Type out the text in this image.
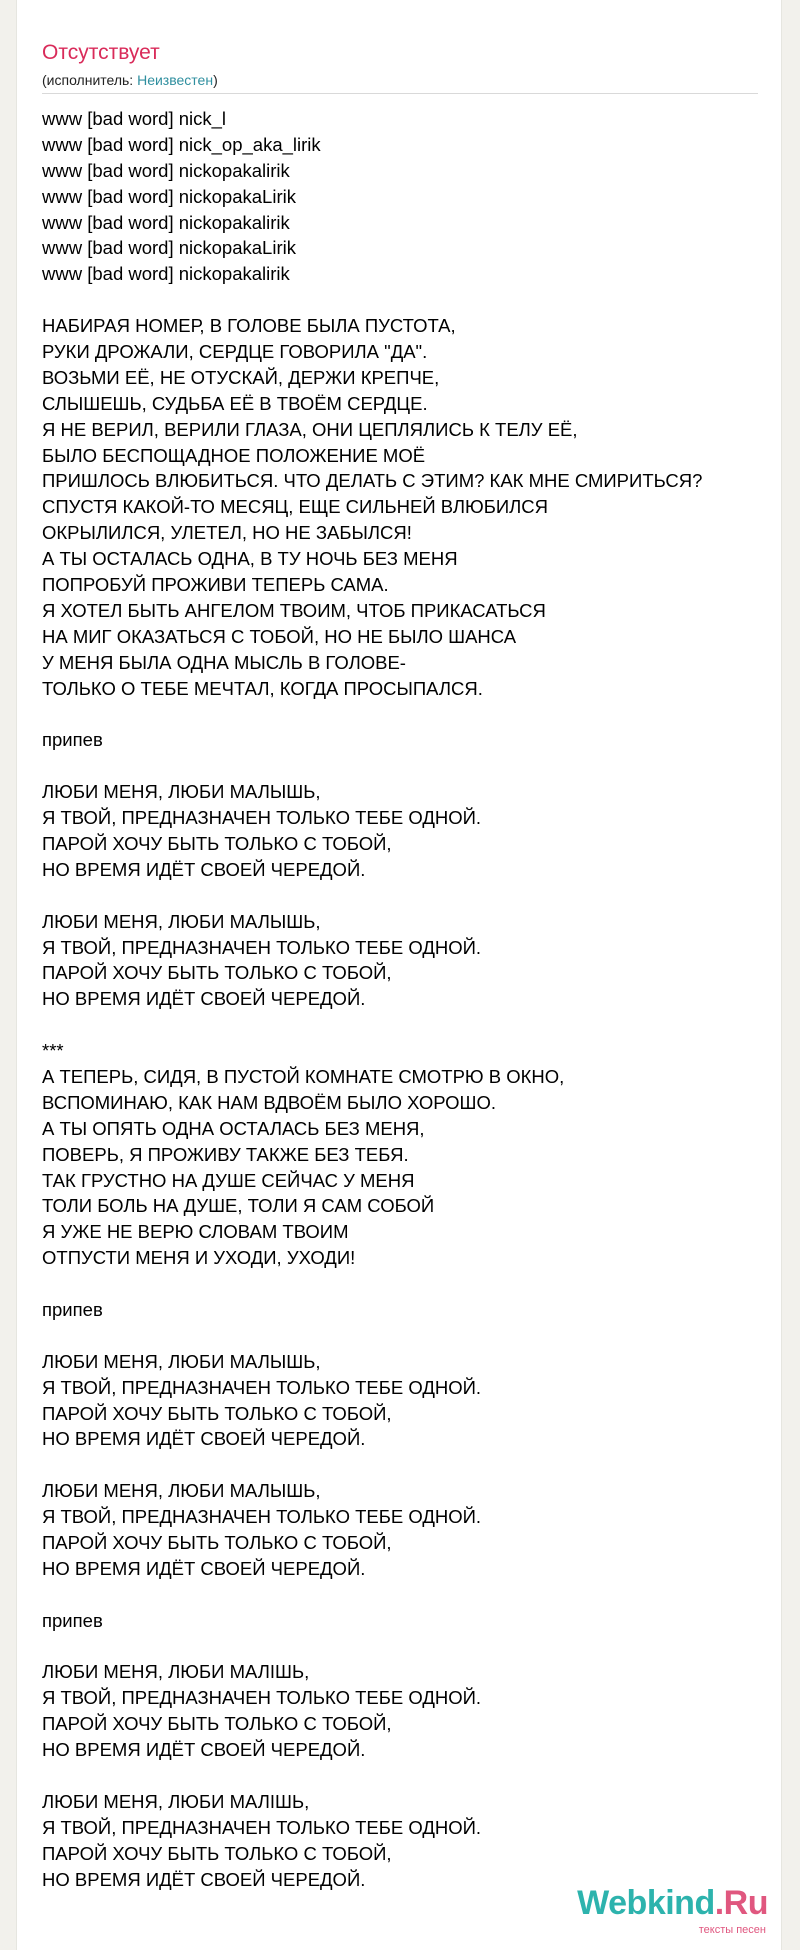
Отсутствует
(исполнитель: Неизвестен)
www [bad word] nick_l
www [bad word] nick_op_aka_lirik
www [bad word] nickopakalirik
www [bad word] nickopakaLirik
www [bad word] nickopakalirik
www [bad word] nickopakaLirik
www [bad word] nickopakalirik
НАБИРАЯ НОМЕР, В ГОЛОВЕ БЫЛА ПУСТОТА,
РУКИ ДРОЖАЛИ, СЕРДЦЕ ГОВОРИЛА "ДА".
ВОЗЬМИ ЕЁ, НЕ ОТУСКАЙ, ДЕРЖИ КРЕПЧЕ,
СЛЫШЕШЬ, СУДЬБА ЕЁ В ТВОЁМ СЕРДЦЕ.
Я НЕ ВЕРИЛ, ВЕРИЛИ ГЛАЗА, ОНИ ЦЕПЛЯЛИСЬ К ТЕЛУ ЕЁ,
БЫЛО БЕСПОЩАДНОЕ ПОЛОЖЕНИЕ МОЁ
ПРИШЛОСЬ ВЛЮБИТЬСЯ. ЧТО ДЕЛАТЬ С ЭТИМ? КАК МНЕ СМИРИТЬСЯ?
СПУСТЯ КАКОЙ-ТО МЕСЯЦ, ЕЩЕ СИЛЬНЕЙ ВЛЮБИЛСЯ
ОКРЫЛИЛСЯ, УЛЕТЕЛ, НО НЕ ЗАБЫЛСЯ!
А ТЫ ОСТАЛАСЬ ОДНА, В ТУ НОЧЬ БЕЗ МЕНЯ
ПОПРОБУЙ ПРОЖИВИ ТЕПЕРЬ САМА.
Я ХОТЕЛ БЫТЬ АНГЕЛОМ ТВОИМ, ЧТОБ ПРИКАСАТЬСЯ
НА МИГ ОКАЗАТЬСЯ С ТОБОЙ, НО НЕ БЫЛО ШАНСА
У МЕНЯ БЫЛА ОДНА МЫСЛЬ В ГОЛОВЕ-
ТОЛЬКО О ТЕБЕ МЕЧТАЛ, КОГДА ПРОСЫПАЛСЯ.
припев
ЛЮБИ МЕНЯ, ЛЮБИ МАЛЫШЬ,
Я ТВОЙ, ПРЕДНАЗНАЧЕН ТОЛЬКО ТЕБЕ ОДНОЙ.
ПАРОЙ ХОЧУ БЫТЬ ТОЛЬКО С ТОБОЙ,
НО ВРЕМЯ ИДЁТ СВОЕЙ ЧЕРЕДОЙ.
ЛЮБИ МЕНЯ, ЛЮБИ МАЛЫШЬ,
Я ТВОЙ, ПРЕДНАЗНАЧЕН ТОЛЬКО ТЕБЕ ОДНОЙ.
ПАРОЙ ХОЧУ БЫТЬ ТОЛЬКО С ТОБОЙ,
НО ВРЕМЯ ИДЁТ СВОЕЙ ЧЕРЕДОЙ.
***
А ТЕПЕРЬ, СИДЯ, В ПУСТОЙ КОМНАТЕ СМОТРЮ В ОКНО,
ВСПОМИНАЮ, КАК НАМ ВДВОЁМ БЫЛО ХОРОШО.
А ТЫ ОПЯТЬ ОДНА ОСТАЛАСЬ БЕЗ МЕНЯ,
ПОВЕРЬ, Я ПРОЖИВУ ТАКЖЕ БЕЗ ТЕБЯ.
ТАК ГРУСТНО НА ДУШЕ СЕЙЧАС У МЕНЯ
ТОЛИ БОЛЬ НА ДУШЕ, ТОЛИ Я САМ СОБОЙ
Я УЖЕ НЕ ВЕРЮ СЛОВАМ ТВОИМ
ОТПУСТИ МЕНЯ И УХОДИ, УХОДИ!
припев
ЛЮБИ МЕНЯ, ЛЮБИ МАЛЫШЬ,
Я ТВОЙ, ПРЕДНАЗНАЧЕН ТОЛЬКО ТЕБЕ ОДНОЙ.
ПАРОЙ ХОЧУ БЫТЬ ТОЛЬКО С ТОБОЙ,
НО ВРЕМЯ ИДЁТ СВОЕЙ ЧЕРЕДОЙ.
ЛЮБИ МЕНЯ, ЛЮБИ МАЛЫШЬ,
Я ТВОЙ, ПРЕДНАЗНАЧЕН ТОЛЬКО ТЕБЕ ОДНОЙ.
ПАРОЙ ХОЧУ БЫТЬ ТОЛЬКО С ТОБОЙ,
НО ВРЕМЯ ИДЁТ СВОЕЙ ЧЕРЕДОЙ.
припев
ЛЮБИ МЕНЯ, ЛЮБИ МАЛІШЬ,
Я ТВОЙ, ПРЕДНАЗНАЧЕН ТОЛЬКО ТЕБЕ ОДНОЙ.
ПАРОЙ ХОЧУ БЫТЬ ТОЛЬКО С ТОБОЙ,
НО ВРЕМЯ ИДЁТ СВОЕЙ ЧЕРЕДОЙ.
ЛЮБИ МЕНЯ, ЛЮБИ МАЛІШЬ,
Я ТВОЙ, ПРЕДНАЗНАЧЕН ТОЛЬКО ТЕБЕ ОДНОЙ.
ПАРОЙ ХОЧУ БЫТЬ ТОЛЬКО С ТОБОЙ,
НО ВРЕМЯ ИДЁТ СВОЕЙ ЧЕРЕДОЙ.
Webkind.Ru
тексты песен
